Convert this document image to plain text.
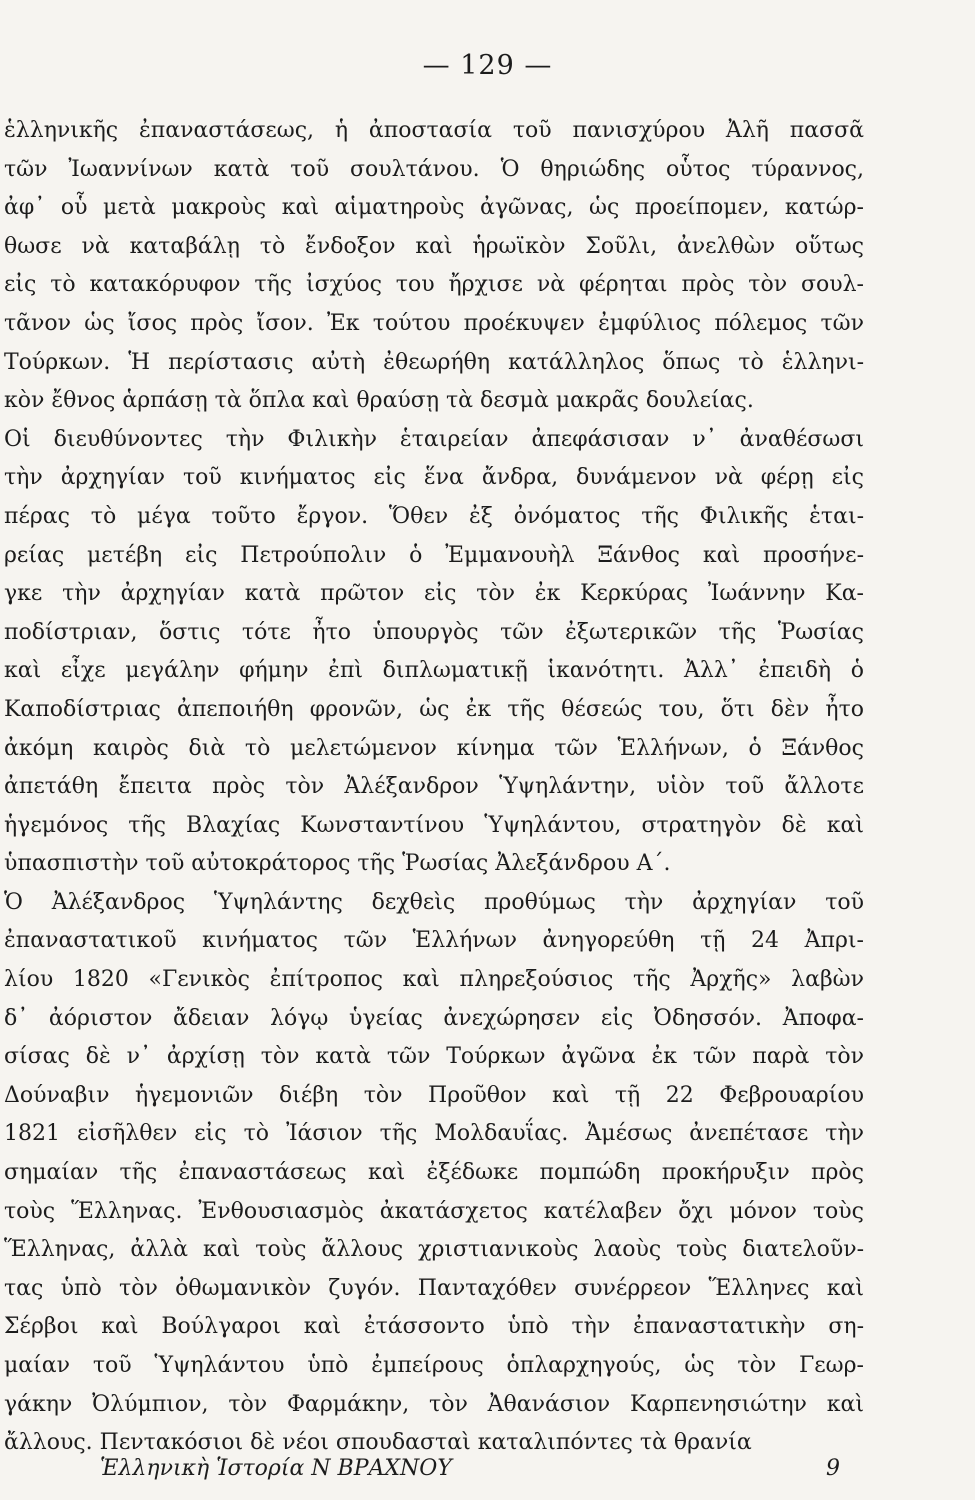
— 129 —
ἑλληνικῆς ἐπαναστάσεως, ἡ ἀποστασία τοῦ πανισχύρου Ἀλῆ πασσᾶ
τῶν Ἰωαννίνων κατὰ τοῦ σουλτάνου. Ὁ θηριώδης οὗτος τύραννος,
ἀφ᾽ οὗ μετὰ μακροὺς καὶ αἱματηροὺς ἀγῶνας, ὡς προείπομεν, κατώρ-
θωσε νὰ καταβάλῃ τὸ ἔνδοξον καὶ ἡρωϊκὸν Σοῦλι, ἀνελθὼν οὕτως
εἰς τὸ κατακόρυφον τῆς ἰσχύος του ἤρχισε νὰ φέρηται πρὸς τὸν σουλ-
τᾶνον ὡς ἴσος πρὸς ἴσον. Ἐκ τούτου προέκυψεν ἐμφύλιος πόλεμος τῶν
Τούρκων. Ἡ περίστασις αὐτὴ ἐθεωρήθη κατάλληλος ὅπως τὸ ἑλληνι-
κὸν ἔθνος ἁρπάσῃ τὰ ὅπλα καὶ θραύσῃ τὰ δεσμὰ μακρᾶς δουλείας.
Οἱ διευθύνοντες τὴν Φιλικὴν ἑταιρείαν ἀπεφάσισαν ν᾽ ἀναθέσωσι
τὴν ἀρχηγίαν τοῦ κινήματος εἰς ἕνα ἄνδρα, δυνάμενον νὰ φέρῃ εἰς
πέρας τὸ μέγα τοῦτο ἔργον. Ὅθεν ἐξ ὀνόματος τῆς Φιλικῆς ἑται-
ρείας μετέβη εἰς Πετρούπολιν ὁ Ἐμμανουὴλ Ξάνθος καὶ προσήνε-
γκε τὴν ἀρχηγίαν κατὰ πρῶτον εἰς τὸν ἐκ Κερκύρας Ἰωάννην Κα-
ποδίστριαν, ὅστις τότε ἦτο ὑπουργὸς τῶν ἐξωτερικῶν τῆς Ῥωσίας
καὶ εἶχε μεγάλην φήμην ἐπὶ διπλωματικῇ ἱκανότητι. Ἀλλ᾽ ἐπειδὴ ὁ
Καποδίστριας ἀπεποιήθη φρονῶν, ὡς ἐκ τῆς θέσεώς του, ὅτι δὲν ἦτο
ἀκόμη καιρὸς διὰ τὸ μελετώμενον κίνημα τῶν Ἑλλήνων, ὁ Ξάνθος
ἀπετάθη ἔπειτα πρὸς τὸν Ἀλέξανδρον Ὑψηλάντην, υἱὸν τοῦ ἄλλοτε
ἡγεμόνος τῆς Βλαχίας Κωνσταντίνου Ὑψηλάντου, στρατηγὸν δὲ καὶ
ὑπασπιστὴν τοῦ αὐτοκράτορος τῆς Ῥωσίας Ἀλεξάνδρου Α΄.
Ὁ Ἀλέξανδρος Ὑψηλάντης δεχθεὶς προθύμως τὴν ἀρχηγίαν τοῦ
ἐπαναστατικοῦ κινήματος τῶν Ἑλλήνων ἀνηγορεύθη τῇ 24 Ἀπρι-
λίου 1820 «Γενικὸς ἐπίτροπος καὶ πληρεξούσιος τῆς Ἀρχῆς» λαβὼν
δ᾽ ἀόριστον ἄδειαν λόγῳ ὑγείας ἀνεχώρησεν εἰς Ὀδησσόν. Ἀποφα-
σίσας δὲ ν᾽ ἀρχίσῃ τὸν κατὰ τῶν Τούρκων ἀγῶνα ἐκ τῶν παρὰ τὸν
Δούναβιν ἡγεμονιῶν διέβη τὸν Προῦθον καὶ τῇ 22 Φεβρουαρίου
1821 εἰσῆλθεν εἰς τὸ Ἰάσιον τῆς Μολδαυΐας. Ἀμέσως ἀνεπέτασε τὴν
σημαίαν τῆς ἐπαναστάσεως καὶ ἐξέδωκε πομπώδη προκήρυξιν πρὸς
τοὺς Ἕλληνας. Ἐνθουσιασμὸς ἀκατάσχετος κατέλαβεν ὄχι μόνον τοὺς
Ἕλληνας, ἀλλὰ καὶ τοὺς ἄλλους χριστιανικοὺς λαοὺς τοὺς διατελοῦν-
τας ὑπὸ τὸν ὀθωμανικὸν ζυγόν. Πανταχόθεν συνέρρεον Ἕλληνες καὶ
Σέρβοι καὶ Βούλγαροι καὶ ἐτάσσοντο ὑπὸ τὴν ἐπαναστατικὴν ση-
μαίαν τοῦ Ὑψηλάντου ὑπὸ ἐμπείρους ὁπλαρχηγούς, ὡς τὸν Γεωρ-
γάκην Ὀλύμπιον, τὸν Φαρμάκην, τὸν Ἀθανάσιον Καρπενησιώτην καὶ
ἄλλους. Πεντακόσιοι δὲ νέοι σπουδασταὶ καταλιπόντες τὰ θρανία
Ἑλληνικὴ Ἱστορία Ν ΒΡΑΧΝΟΥ	9
